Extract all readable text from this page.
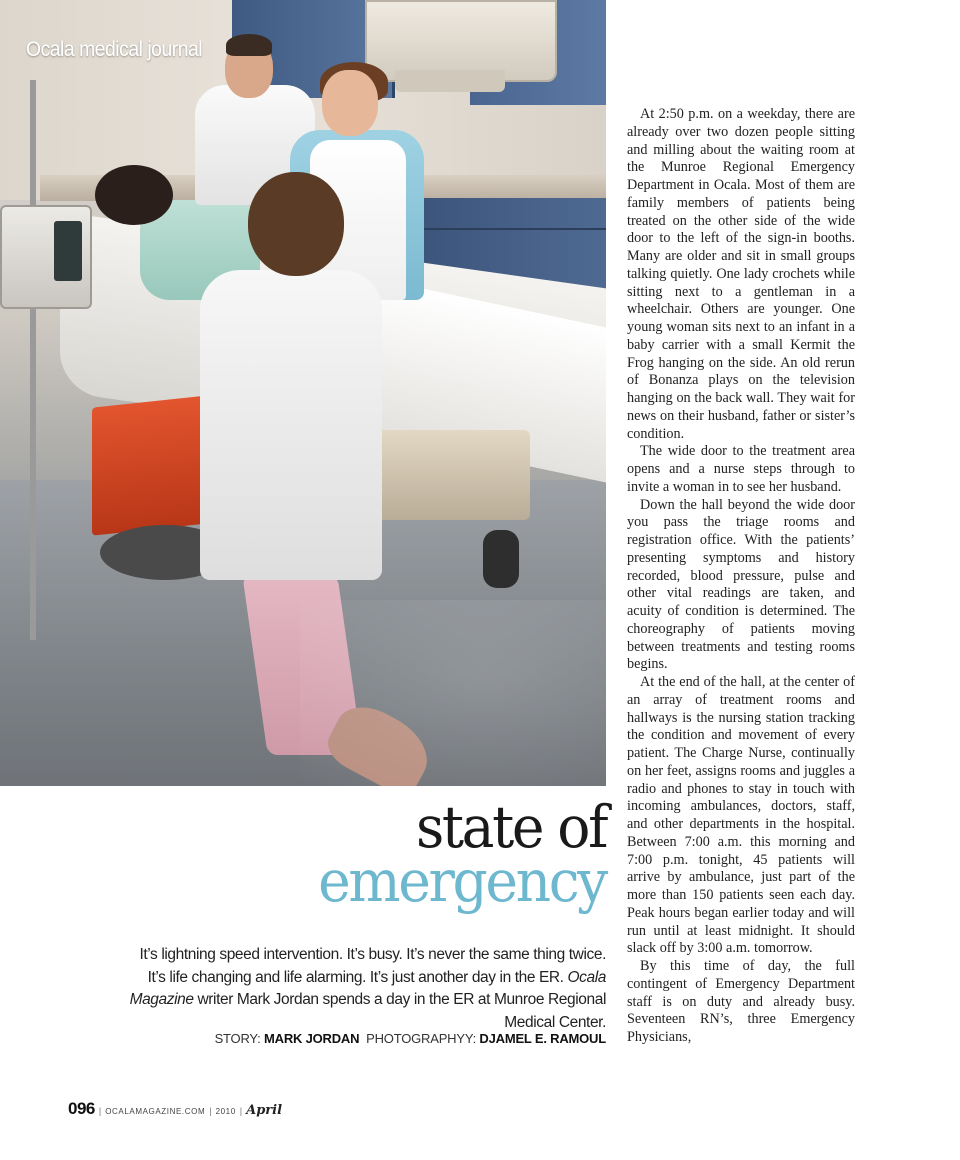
Ocala medical journal
state of
emergency
It’s lightning speed intervention. It’s busy. It’s never the same thing twice. It’s life changing and life alarming. It’s just another day in the ER. Ocala Magazine writer Mark Jordan spends a day in the ER at Munroe Regional Medical Center.
STORY: MARK JORDAN PHOTOGRAPHYY: DJAMEL E. RAMOUL

At 2:50 p.m. on a weekday, there are already over two dozen people sitting and milling about the waiting room at the Munroe Regional Emergency Department in Ocala. Most of them are family members of patients being treated on the other side of the wide door to the left of the sign-in booths. Many are older and sit in small groups talking quietly. One lady crochets while sitting next to a gentleman in a wheelchair. Others are younger. One young woman sits next to an infant in a baby carrier with a small Kermit the Frog hanging on the side. An old rerun of Bonanza plays on the television hanging on the back wall. They wait for news on their husband, father or sister’s condition.

The wide door to the treatment area opens and a nurse steps through to invite a woman in to see her husband.

Down the hall beyond the wide door you pass the triage rooms and registration office. With the patients’ presenting symptoms and history recorded, blood pressure, pulse and other vital readings are taken, and acuity of condition is determined. The choreography of patients moving between treatments and testing rooms begins.

At the end of the hall, at the center of an array of treatment rooms and hallways is the nursing station tracking the condition and movement of every patient. The Charge Nurse, continually on her feet, assigns rooms and juggles a radio and phones to stay in touch with incoming ambulances, doctors, staff, and other departments in the hospital. Between 7:00 a.m. this morning and 7:00 p.m. tonight, 45 patients will arrive by ambulance, just part of the more than 150 patients seen each day. Peak hours began earlier today and will run until at least midnight. It should slack off by 3:00 a.m. tomorrow.

By this time of day, the full contingent of Emergency Department staff is on duty and already busy. Seventeen RN’s, three Emergency Physicians,

096 | OCALAMAGAZINE.COM | 2010 | April
